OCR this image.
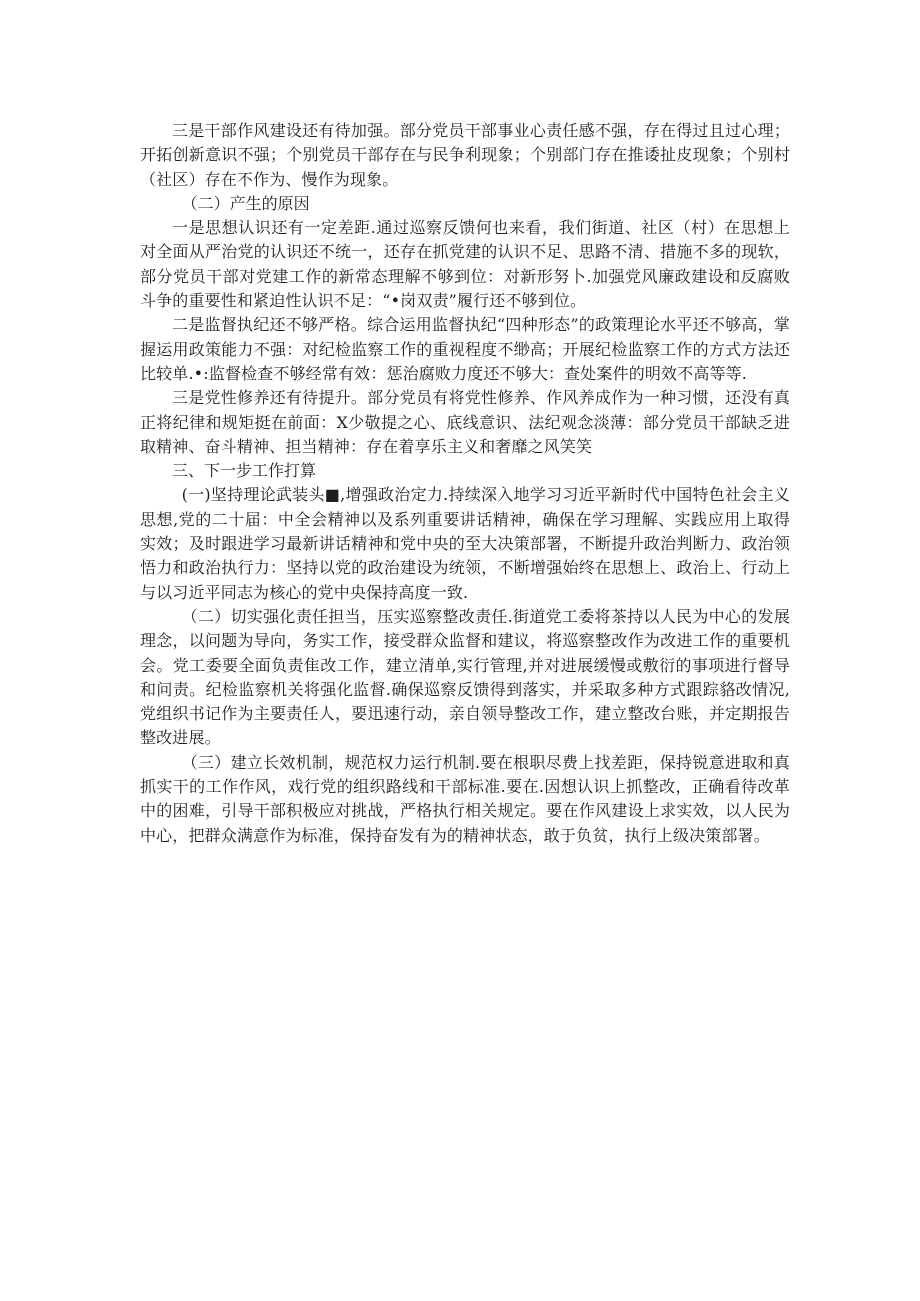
三是干部作风建设还有待加强。部分党员干部事业心责任感不强，存在得过且过心理；开拓创新意识不强；个别党员干部存在与民争利现象；个别部门存在推诿扯皮现象；个别村（社区）存在不作为、慢作为现象。

（二）产生的原因

一是思想认识还有一定差距.通过巡察反馈何也来看，我们街道、社区（村）在思想上对全面从严治党的认识还不统一，还存在抓党建的认识不足、思路不清、措施不多的现软，部分党员干部对党建工作的新常态理解不够到位：对新形努卜.加强党风廉政建设和反腐败斗争的重要性和紧迫性认识不足：“•岗双责”履行还不够到位。

二是监督执纪还不够严格。综合运用监督执纪“四种形态”的政策理论水平还不够高，掌握运用政策能力不强：对纪检监察工作的重视程度不缈高；开展纪检监察工作的方式方法还比较单.•:监督检查不够经常有效：惩治腐败力度还不够大：查处案件的明效不高等等.

三是党性修养还有待提升。部分党员有将党性修养、作风养成作为一种习惯，还没有真正将纪律和规矩挺在前面：X少敬提之心、底线意识、法纪观念淡薄：部分党员干部缺乏进取精神、奋斗精神、担当精神：存在着享乐主义和奢靡之风笑笑

三、下一步工作打算

(一)坚持理论武装头■,增强政治定力.持续深入地学习习近平新时代中国特色社会主义思想,党的二十届：中全会精神以及系列重要讲话精神，确保在学习理解、实践应用上取得实效；及时跟进学习最新讲话精神和党中央的至大决策部署，不断提升政治判断力、政治领悟力和政治执行力：坚持以党的政治建设为统领，不断增强始终在思想上、政治上、行动上与以习近平同志为核心的党中央保持高度一致.

（二）切实强化责任担当，压实巡察整改责任.街道党工委将茶持以人民为中心的发展理念，以问题为导向，务实工作，接受群众监督和建议，将巡察整改作为改进工作的重要机会。党工委要全面负责隹改工作，建立清单,实行管理,并对进展缓慢或敷衍的事项进行督导和问责。纪检监察机关将强化监督.确保巡察反馈得到落实，并采取多种方式跟踪貉改情况,党组织书记作为主要责任人，要迅速行动，亲自领导整改工作，建立整改台账，并定期报告整改进展。

（三）建立长效机制，规范权力运行机制.要在根职尽费上找差距，保持锐意进取和真抓实干的工作作风，戏行党的组织路线和干部标准.要在.因想认识上抓整改，正确看待改革中的困难，引导干部积极应对挑战，严格执行相关规定。要在作风建设上求实效，以人民为中心，把群众满意作为标准，保持奋发有为的精神状态，敢于负贫，执行上级决策部署。
